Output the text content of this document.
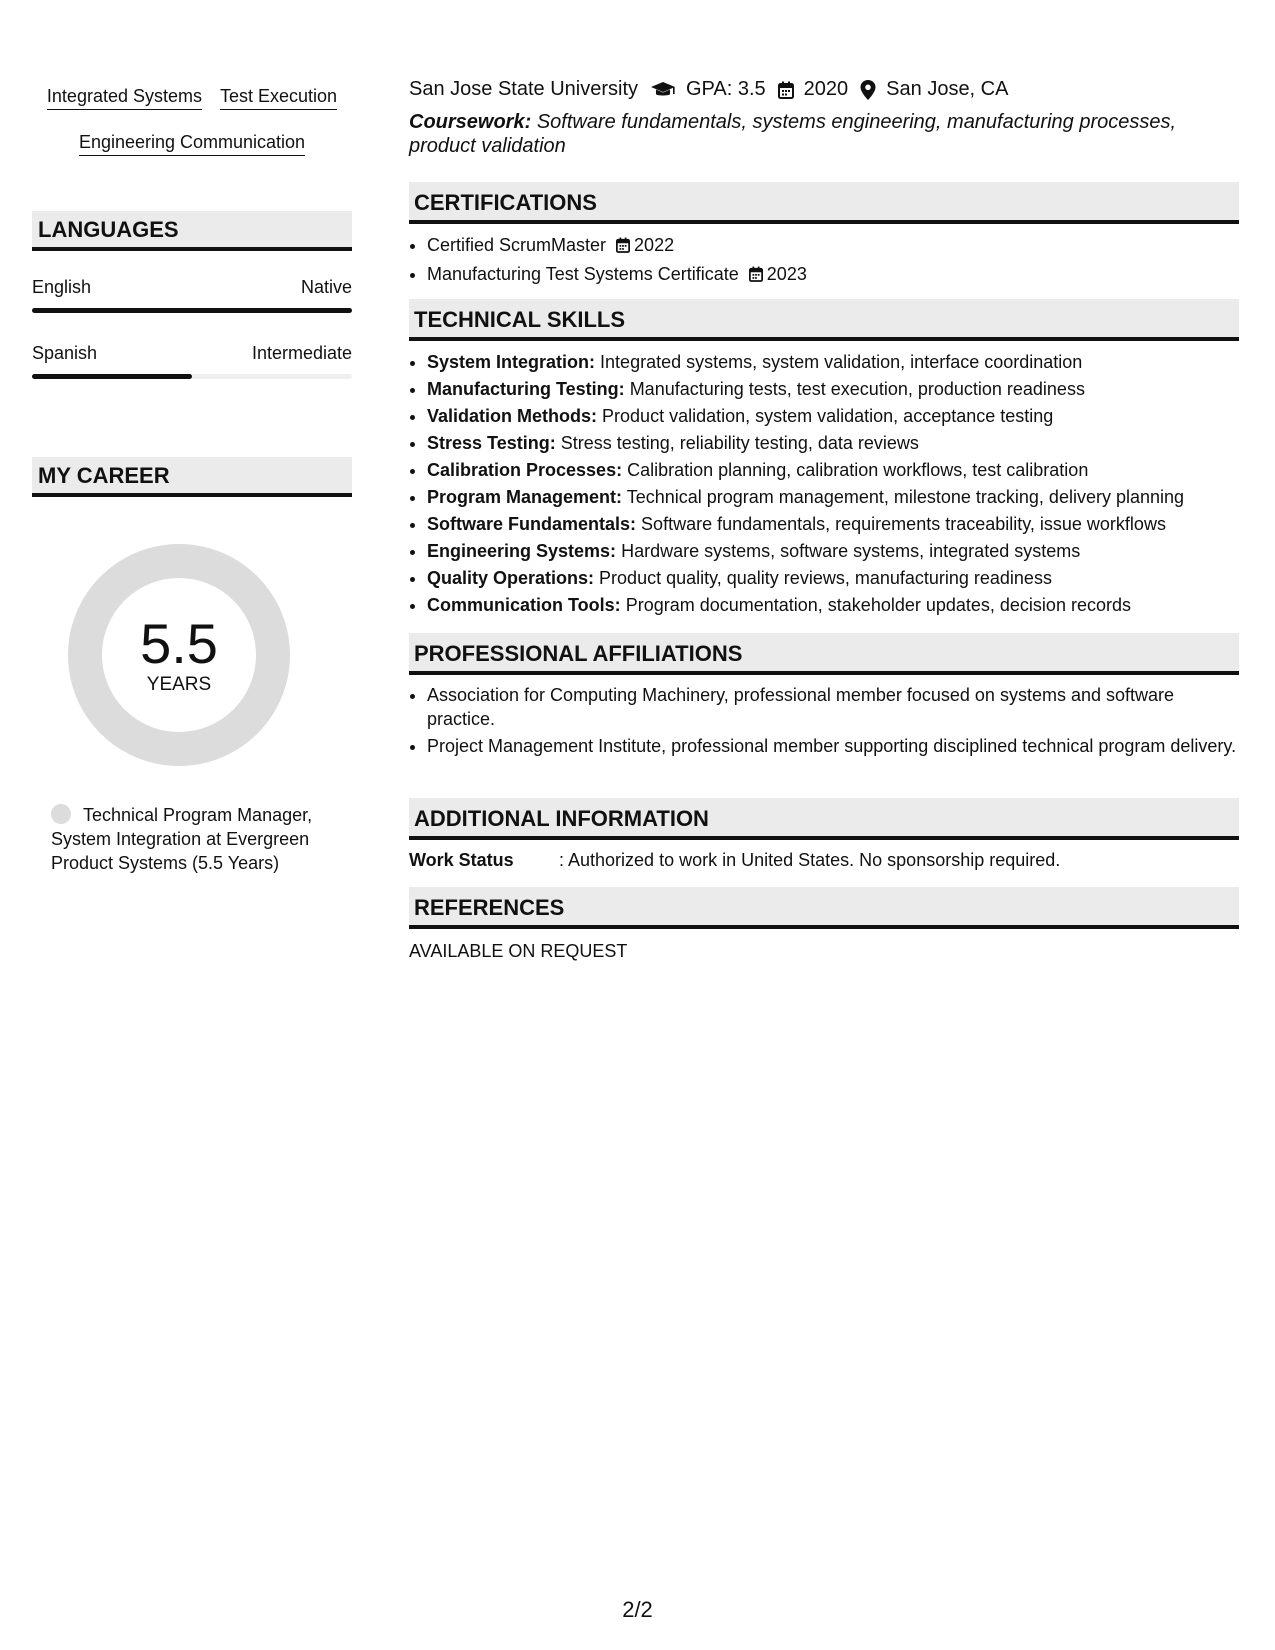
Integrated Systems Test Execution
Engineering Communication
LANGUAGES
English	Native
Spanish	Intermediate
MY CAREER
5.5
YEARS
Technical Program Manager, System Integration at Evergreen Product Systems (5.5 Years)
San Jose State University GPA: 3.5 2020 San Jose, CA
Coursework: Software fundamentals, systems engineering, manufacturing processes, product validation
CERTIFICATIONS
• Certified ScrumMaster 2022
• Manufacturing Test Systems Certificate 2023
TECHNICAL SKILLS
• System Integration: Integrated systems, system validation, interface coordination
• Manufacturing Testing: Manufacturing tests, test execution, production readiness
• Validation Methods: Product validation, system validation, acceptance testing
• Stress Testing: Stress testing, reliability testing, data reviews
• Calibration Processes: Calibration planning, calibration workflows, test calibration
• Program Management: Technical program management, milestone tracking, delivery planning
• Software Fundamentals: Software fundamentals, requirements traceability, issue workflows
• Engineering Systems: Hardware systems, software systems, integrated systems
• Quality Operations: Product quality, quality reviews, manufacturing readiness
• Communication Tools: Program documentation, stakeholder updates, decision records
PROFESSIONAL AFFILIATIONS
• Association for Computing Machinery, professional member focused on systems and software practice.
• Project Management Institute, professional member supporting disciplined technical program delivery.
ADDITIONAL INFORMATION
Work Status	: Authorized to work in United States. No sponsorship required.
REFERENCES
AVAILABLE ON REQUEST
2/2
